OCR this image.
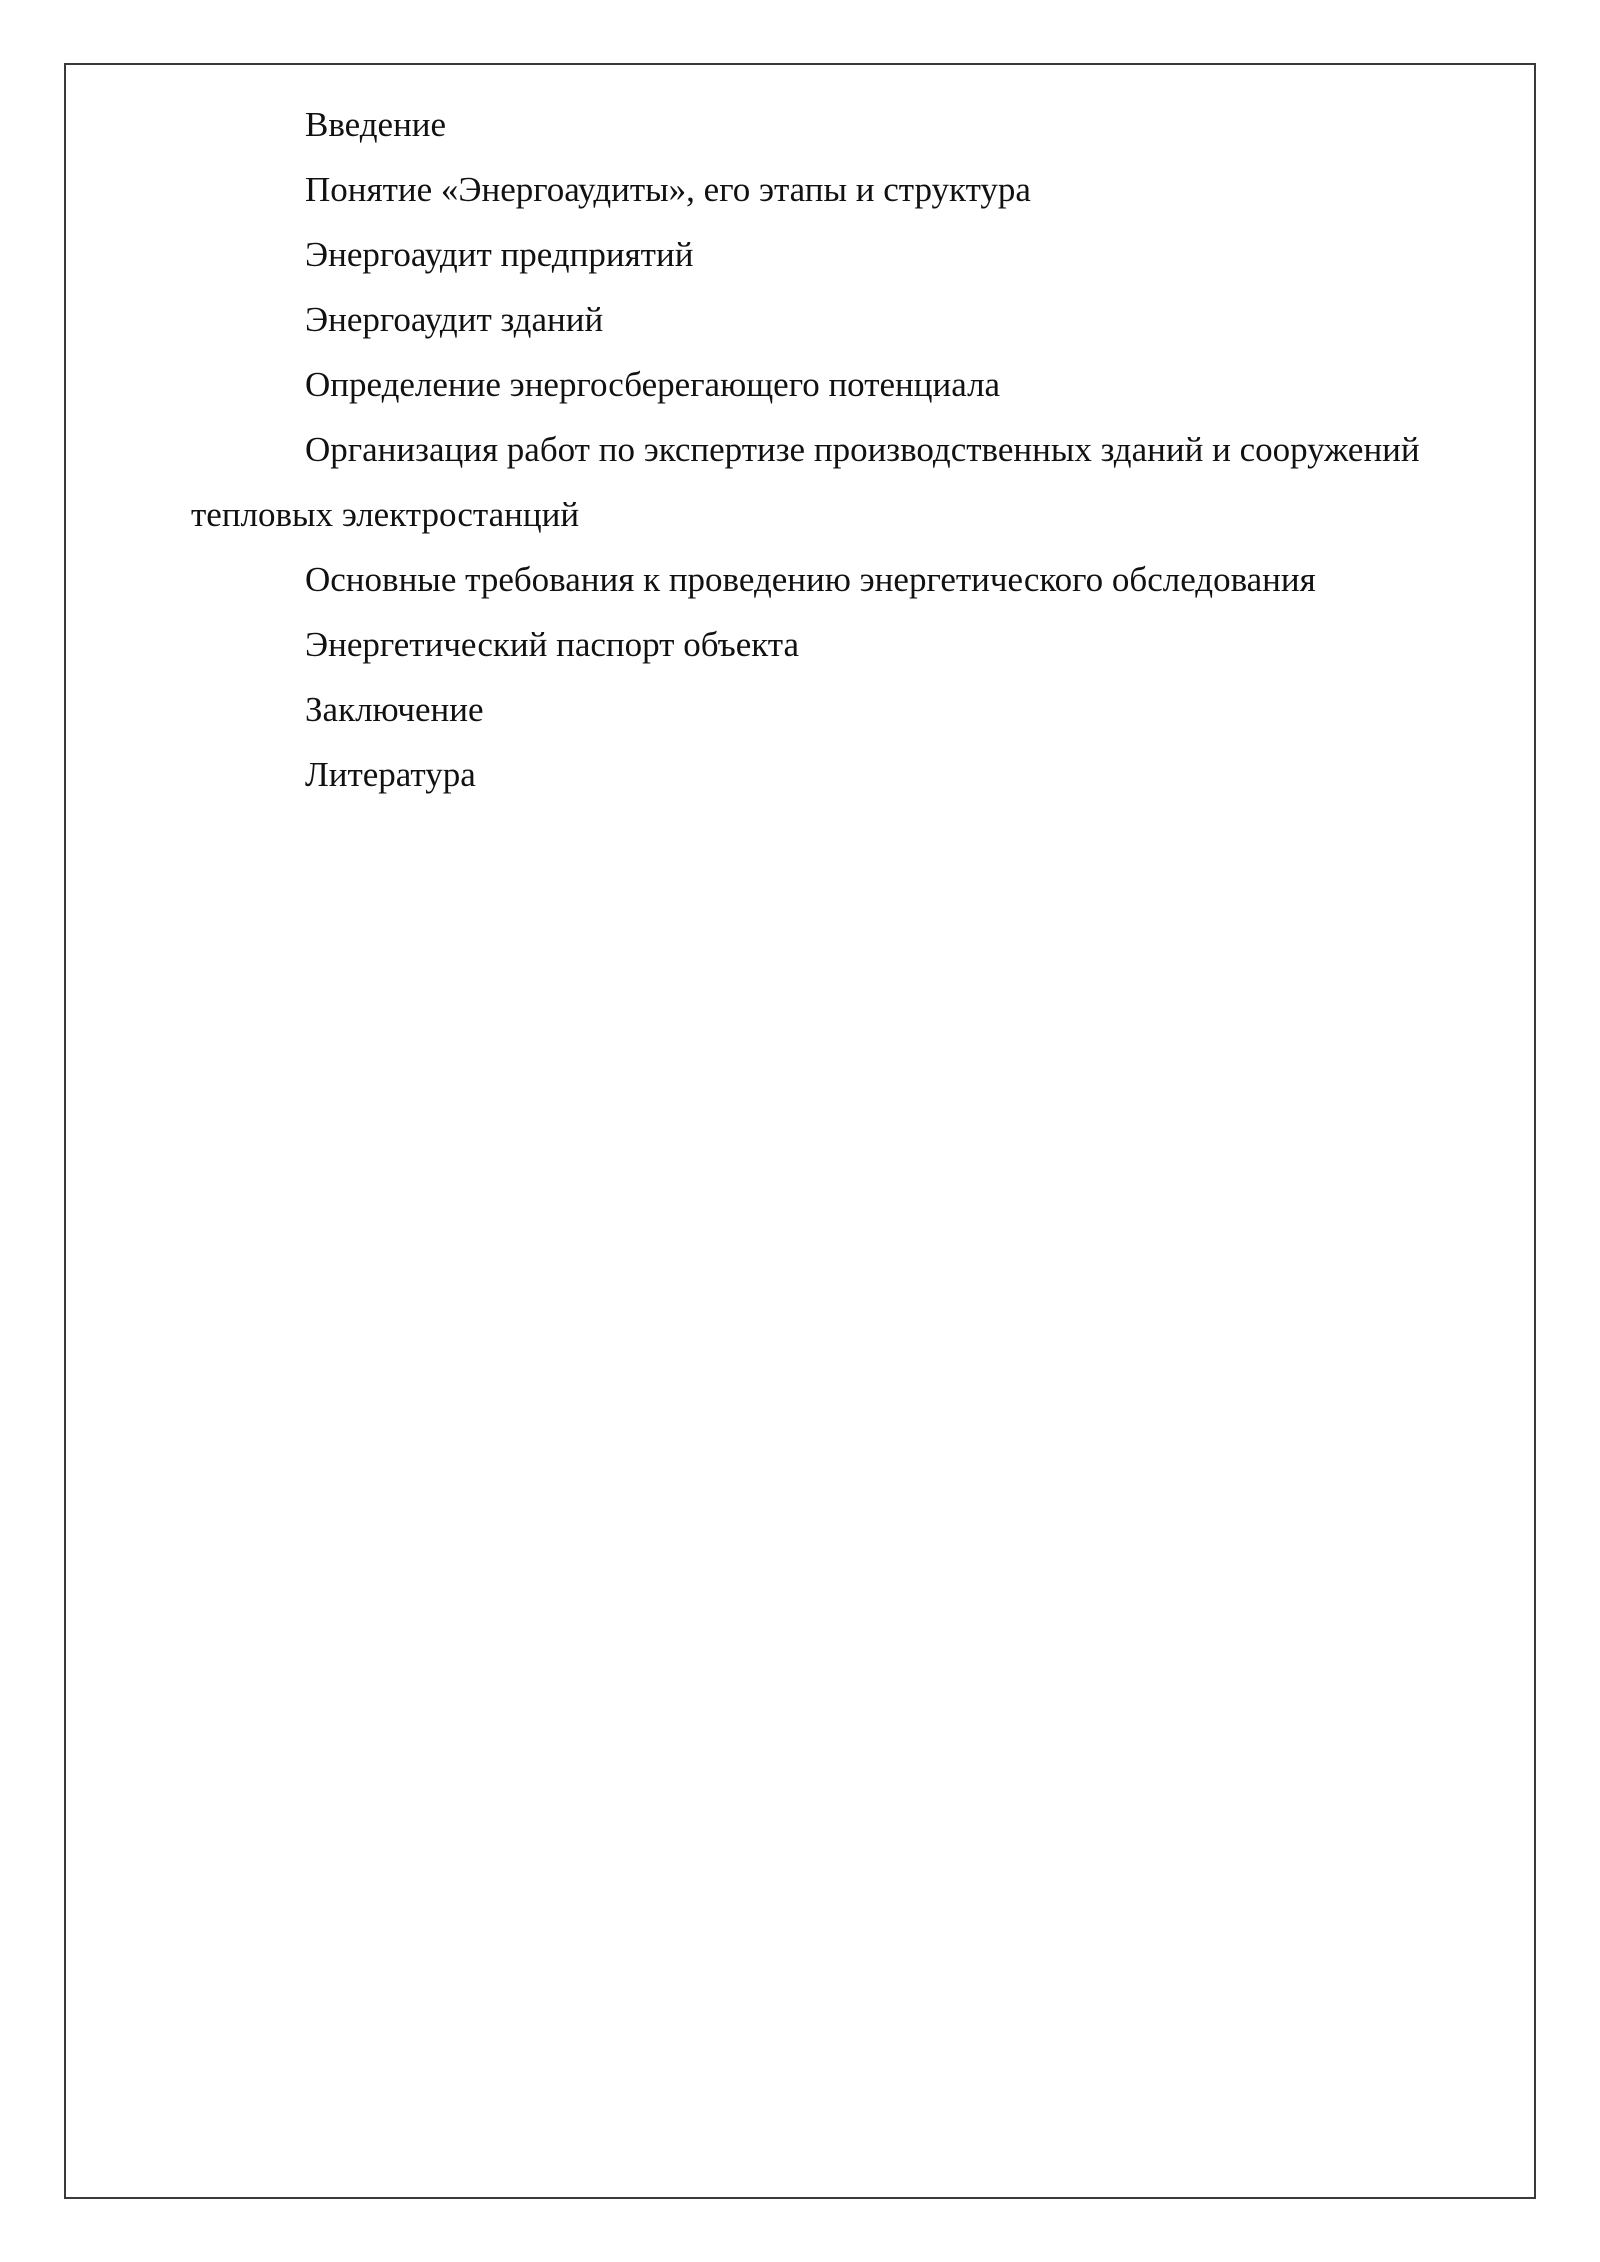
Введение
Понятие «Энергоаудиты», его этапы и структура
Энергоаудит предприятий
Энергоаудит зданий
Определение энергосберегающего потенциала
Организация работ по экспертизе производственных зданий и сооружений тепловых электростанций
Основные требования к проведению энергетического обследования
Энергетический паспорт объекта
Заключение
Литература
